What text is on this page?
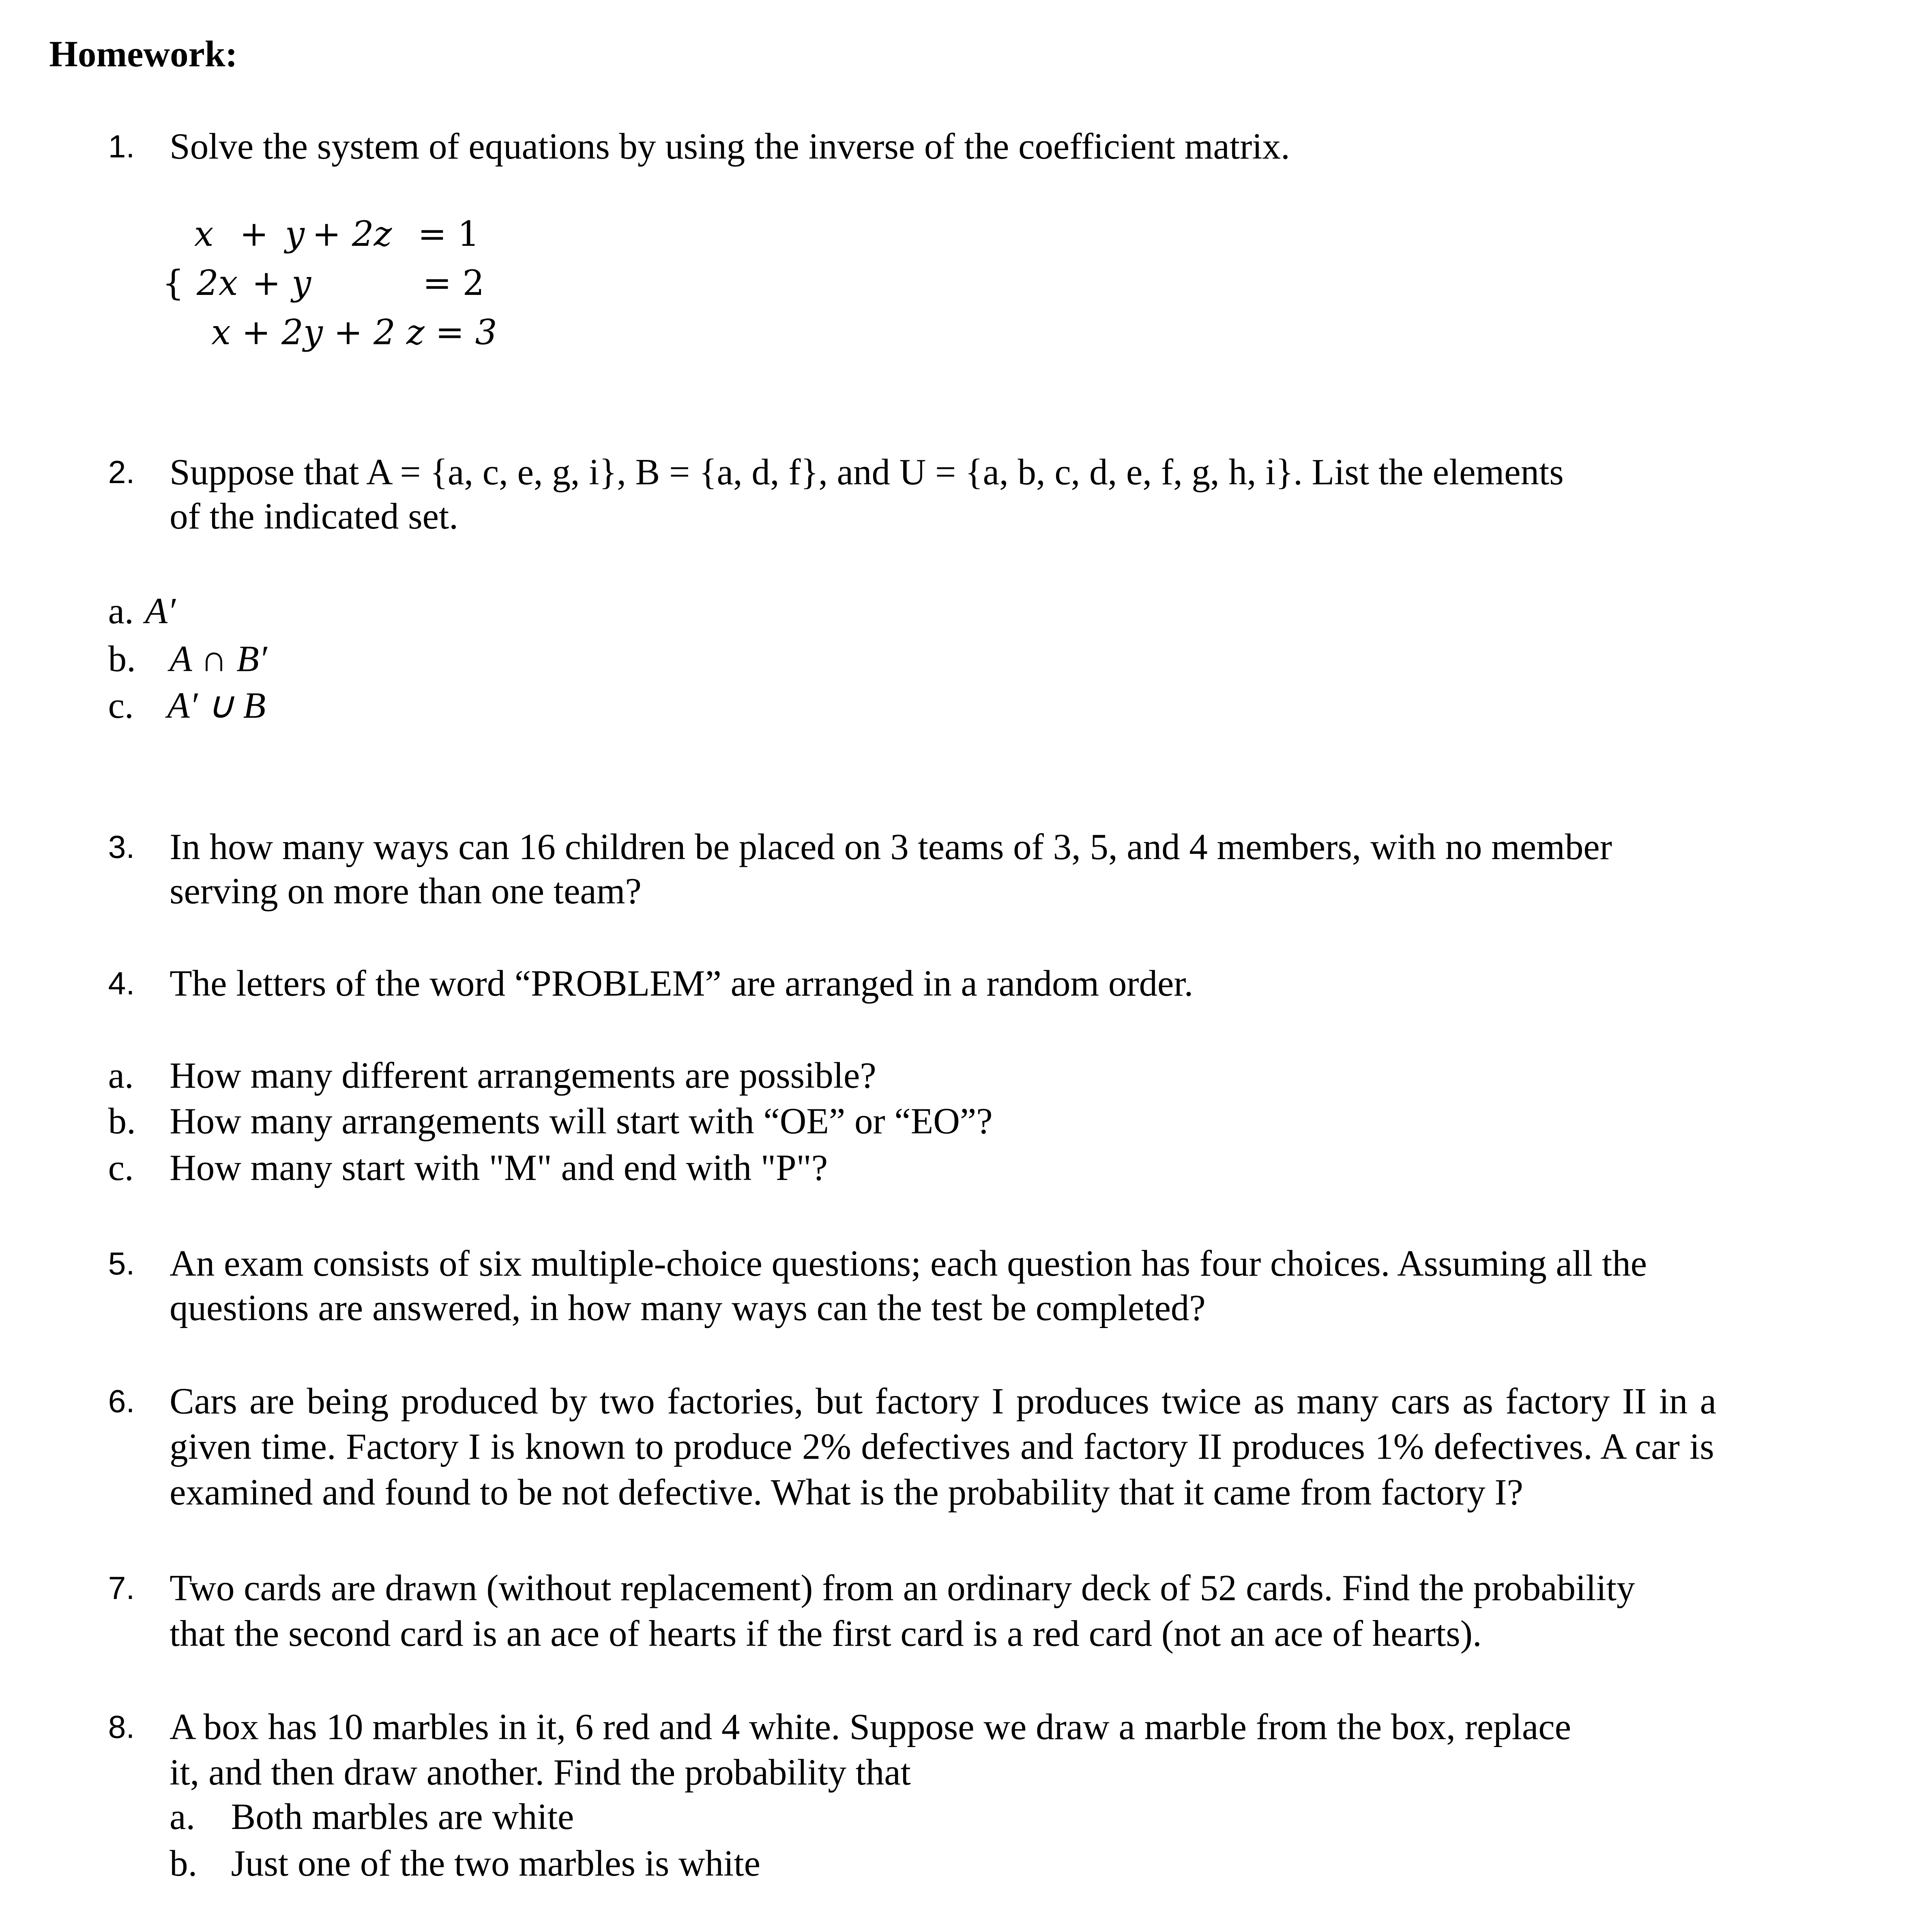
Homework:
1.	Solve the system of equations by using the inverse of the coefficient matrix.
{
x + y + 2z = 1
2x + y	= 2
x + 2y + 2 z = 3
2.	Suppose that A = {a, c, e, g, i}, B = {a, d, f}, and U = {a, b, c, d, e, f, g, h, i}. List the elements
of the indicated set.
a. A′
b.	A ∩ B′
c.	A′ ∪ B
3.	In how many ways can 16 children be placed on 3 teams of 3, 5, and 4 members, with no member
serving on more than one team?
4.	The letters of the word “PROBLEM” are arranged in a random order.
a.	How many different arrangements are possible?
b.	How many arrangements will start with “OE” or “EO”?
c.	How many start with "M" and end with "P"?
5.	An exam consists of six multiple-choice questions; each question has four choices. Assuming all the
questions are answered, in how many ways can the test be completed?
6.	Cars are being produced by two factories, but factory I produces twice as many cars as factory II in a
given time. Factory I is known to produce 2% defectives and factory II produces 1% defectives. A car is
examined and found to be not defective. What is the probability that it came from factory I?
7.	Two cards are drawn (without replacement) from an ordinary deck of 52 cards. Find the probability
that the second card is an ace of hearts if the first card is a red card (not an ace of hearts).
8.	A box has 10 marbles in it, 6 red and 4 white. Suppose we draw a marble from the box, replace
it, and then draw another. Find the probability that
a.	Both marbles are white
b.	Just one of the two marbles is white
